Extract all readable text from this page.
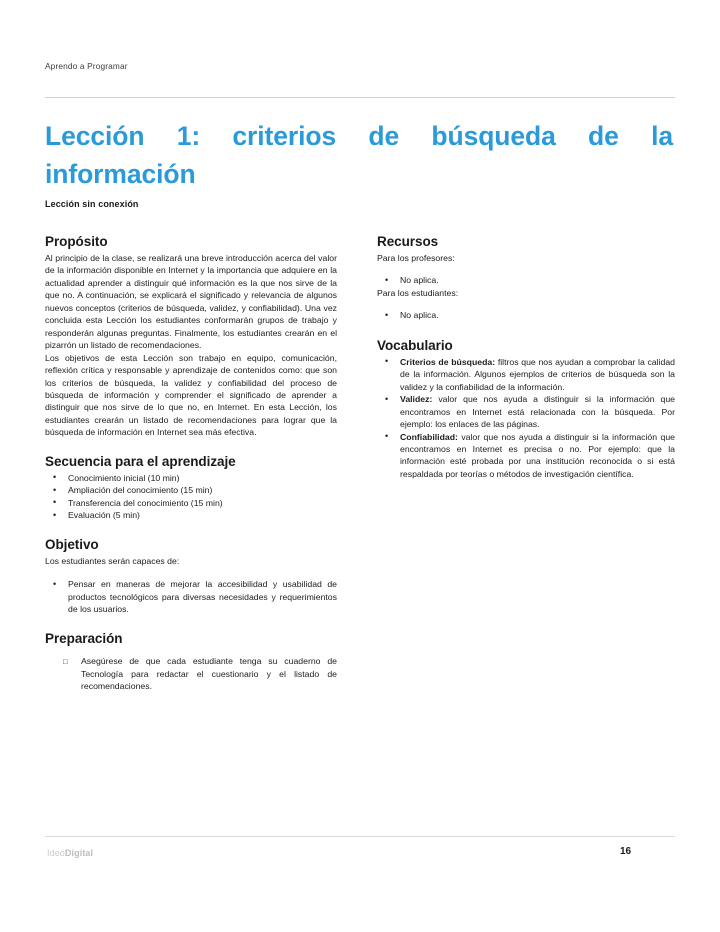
Aprendo a Programar
Lección 1: criterios de búsqueda de la información
Lección sin conexión
Propósito

Al principio de la clase, se realizará una breve introducción acerca del valor de la información disponible en Internet y la importancia que adquiere en la actualidad aprender a distinguir qué información es la que nos sirve de la que no. A continuación, se explicará el significado y relevancia de algunos nuevos conceptos (criterios de búsqueda, validez, y confiabilidad). Una vez concluida esta Lección los estudiantes conformarán grupos de trabajo y responderán algunas preguntas. Finalmente, los estudiantes crearán en el pizarrón un listado de recomendaciones.

Los objetivos de esta Lección son trabajo en equipo, comunicación, reflexión crítica y responsable y aprendizaje de contenidos como: que son los criterios de búsqueda, la validez y confiabilidad del proceso de búsqueda de información y comprender el significado de aprender a distinguir que nos sirve de lo que no, en Internet. En esta Lección, los estudiantes crearán un listado de recomendaciones para lograr que la búsqueda de información en Internet sea más efectiva.

Secuencia para el aprendizaje
• Conocimiento inicial (10 min)
• Ampliación del conocimiento (15 min)
• Transferencia del conocimiento (15 min)
• Evaluación (5 min)
Objetivo

Los estudiantes serán capaces de:

• Pensar en maneras de mejorar la accesibilidad y usabilidad de productos tecnológicos para diversas necesidades y requerimientos de los usuarios.
Preparación
□ Asegúrese de que cada estudiante tenga su cuaderno de Tecnología para redactar el cuestionario y el listado de recomendaciones.
Recursos

Para los profesores:

• No aplica.

Para los estudiantes:

• No aplica.
Vocabulario
• Criterios de búsqueda: filtros que nos ayudan a comprobar la calidad de la información. Algunos ejemplos de criterios de búsqueda son la validez y la confiabilidad de la información.
• Validez: valor que nos ayuda a distinguir si la información que encontramos en Internet está relacionada con la búsqueda. Por ejemplo: los enlaces de las páginas.
• Confiabilidad: valor que nos ayuda a distinguir si la información que encontramos en Internet es precisa o no. Por ejemplo: que la información esté probada por una institución reconocida o si está respaldada por teorías o métodos de investigación científica.
IdeoDigital	16
